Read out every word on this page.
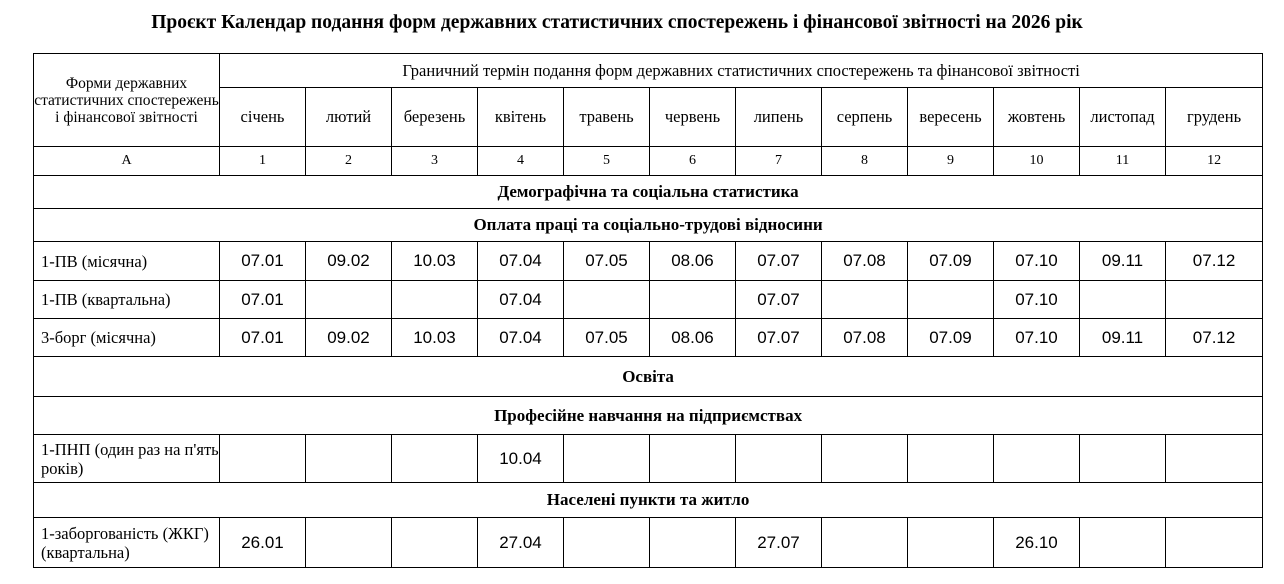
Проєкт Календар подання форм державних статистичних спостережень і фінансової звітності на 2026 рік
Форми державних статистичних спостережень і фінансової звітності	Граничний термін подання форм державних статистичних спостережень та фінансової звітності											
	січень	лютий	березень	квітень	травень	червень	липень	серпень	вересень	жовтень	листопад	грудень
А	1	2	3	4	5	6	7	8	9	10	11	12
Демографічна та соціальна статистика												
Оплата праці та соціально-трудові відносини												
1-ПВ (місячна)	07.01	09.02	10.03	07.04	07.05	08.06	07.07	07.08	07.09	07.10	09.11	07.12
1-ПВ (квартальна)	07.01			07.04			07.07			07.10		
3-борг (місячна)	07.01	09.02	10.03	07.04	07.05	08.06	07.07	07.08	07.09	07.10	09.11	07.12
Освіта												
Професійне навчання на підприємствах												
1-ПНП (один раз на п'ять років)				10.04								
Населені пункти та житло												
1-заборгованість (ЖКГ) (квартальна)	26.01			27.04			27.07			26.10		
